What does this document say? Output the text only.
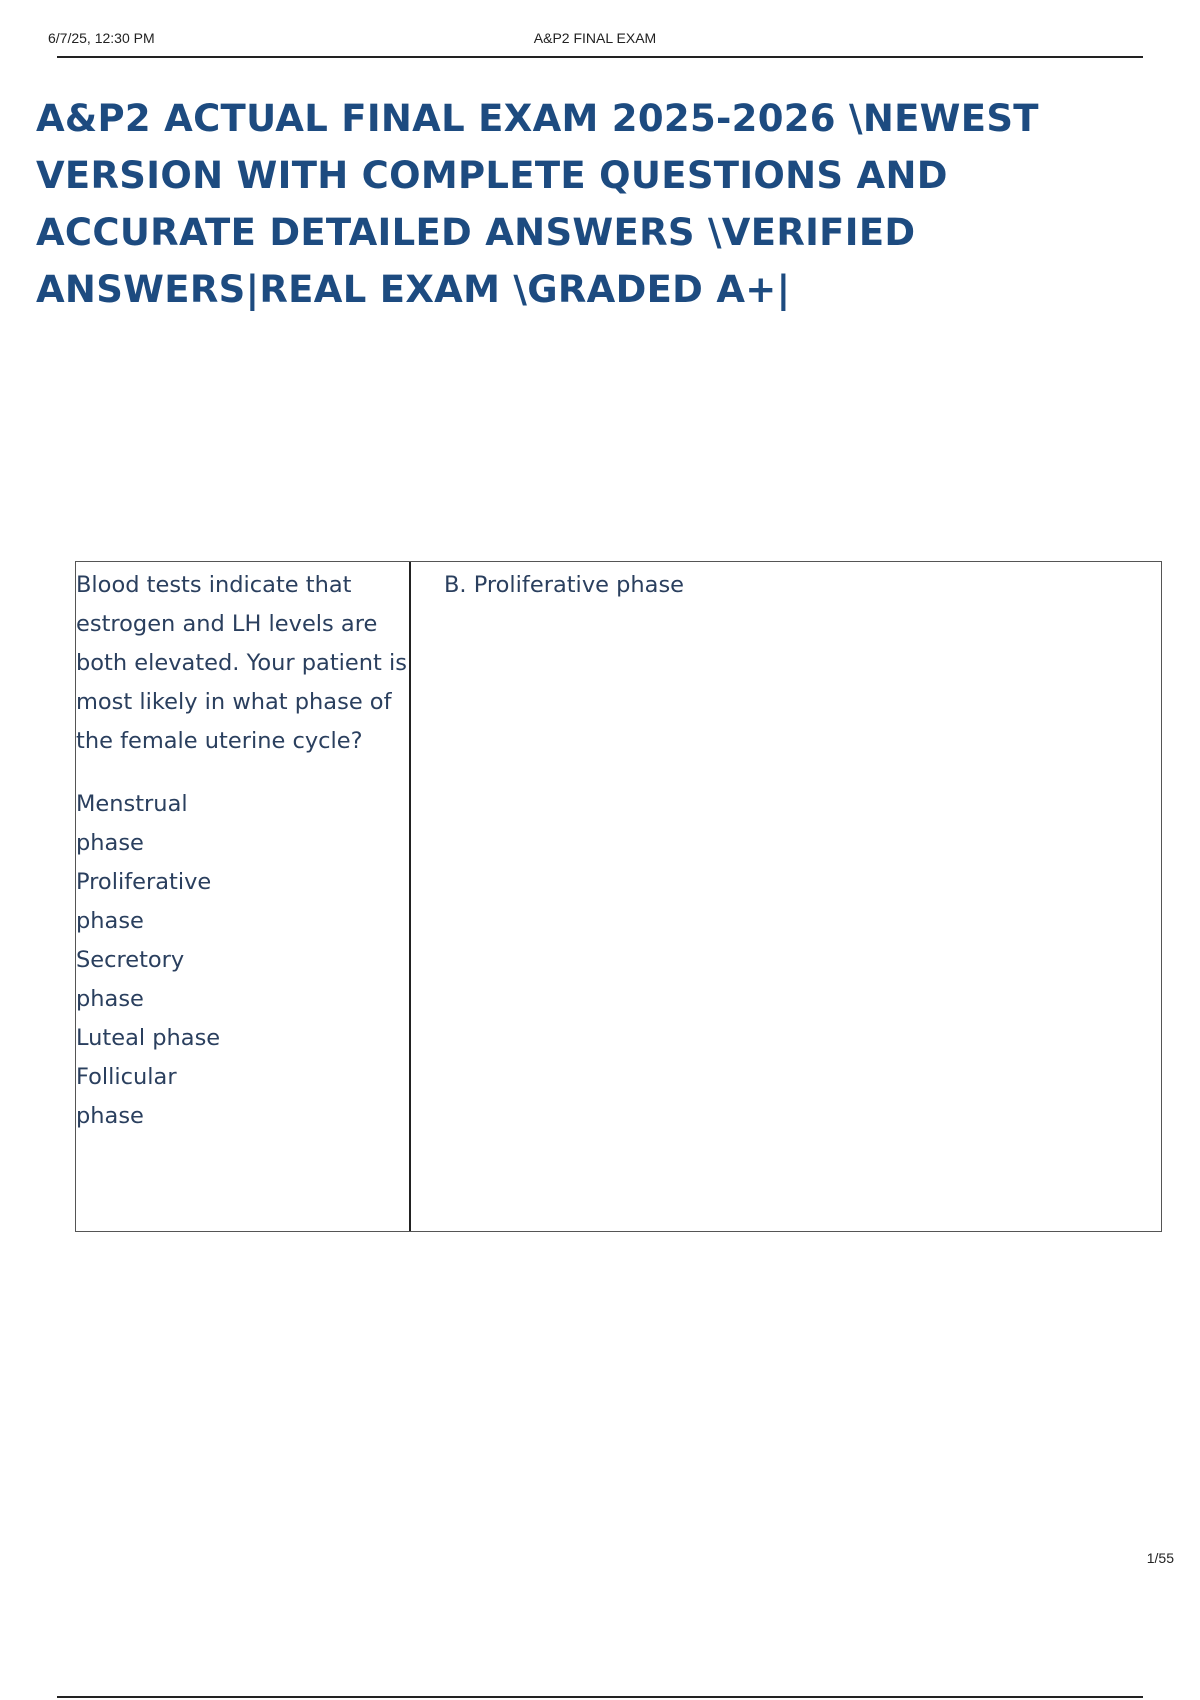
6/7/25, 12:30 PM	A&P2 FINAL EXAM
A&P2 ACTUAL FINAL EXAM 2025-2026 \NEWEST VERSION WITH COMPLETE QUESTIONS AND ACCURATE DETAILED ANSWERS \VERIFIED ANSWERS|REAL EXAM \GRADED A+|

Blood tests indicate that estrogen and LH levels are both elevated. Your patient is most likely in what phase of the female uterine cycle?

Menstrual phase
Proliferative phase
Secretory phase
Luteal phase
Follicular phase
B. Proliferative phase
1/55
